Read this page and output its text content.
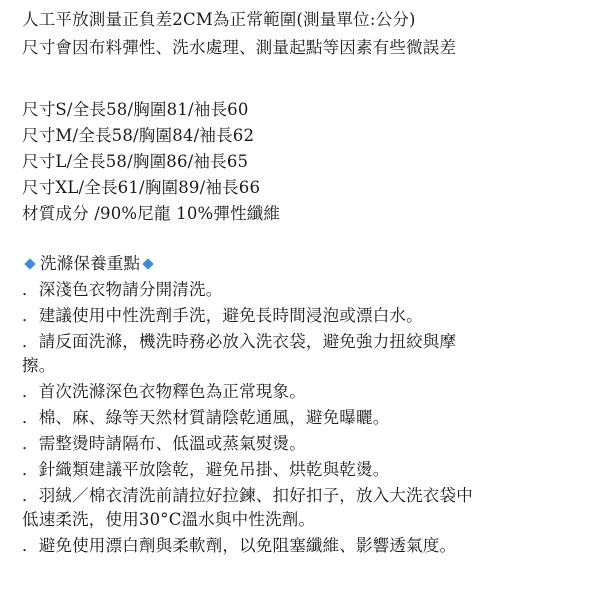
人工平放測量正負差2CM為正常範圍(測量單位:公分)
尺寸會因布料彈性、洗水處理、測量起點等因素有些微誤差
尺寸S/全長58/胸圍81/袖長60
尺寸M/全長58/胸圍84/袖長62
尺寸L/全長58/胸圍86/袖長65
尺寸XL/全長61/胸圍89/袖長66
材質成分 /90%尼龍 10%彈性纖維
洗滌保養重點
．深淺色衣物請分開清洗。
．建議使用中性洗劑手洗，避免長時間浸泡或漂白水。
．請反面洗滌，機洗時務必放入洗衣袋，避免強力扭絞與摩
擦。
．首次洗滌深色衣物釋色為正常現象。
．棉、麻、綠等天然材質請陰乾通風，避免曝曬。
．需整燙時請隔布、低溫或蒸氣熨燙。
．針織類建議平放陰乾，避免吊掛、烘乾與乾燙。
．羽絨／棉衣清洗前請拉好拉鍊、扣好扣子，放入大洗衣袋中
低速柔洗，使用30°C溫水與中性洗劑。
．避免使用漂白劑與柔軟劑，以免阻塞纖維、影響透氣度。
